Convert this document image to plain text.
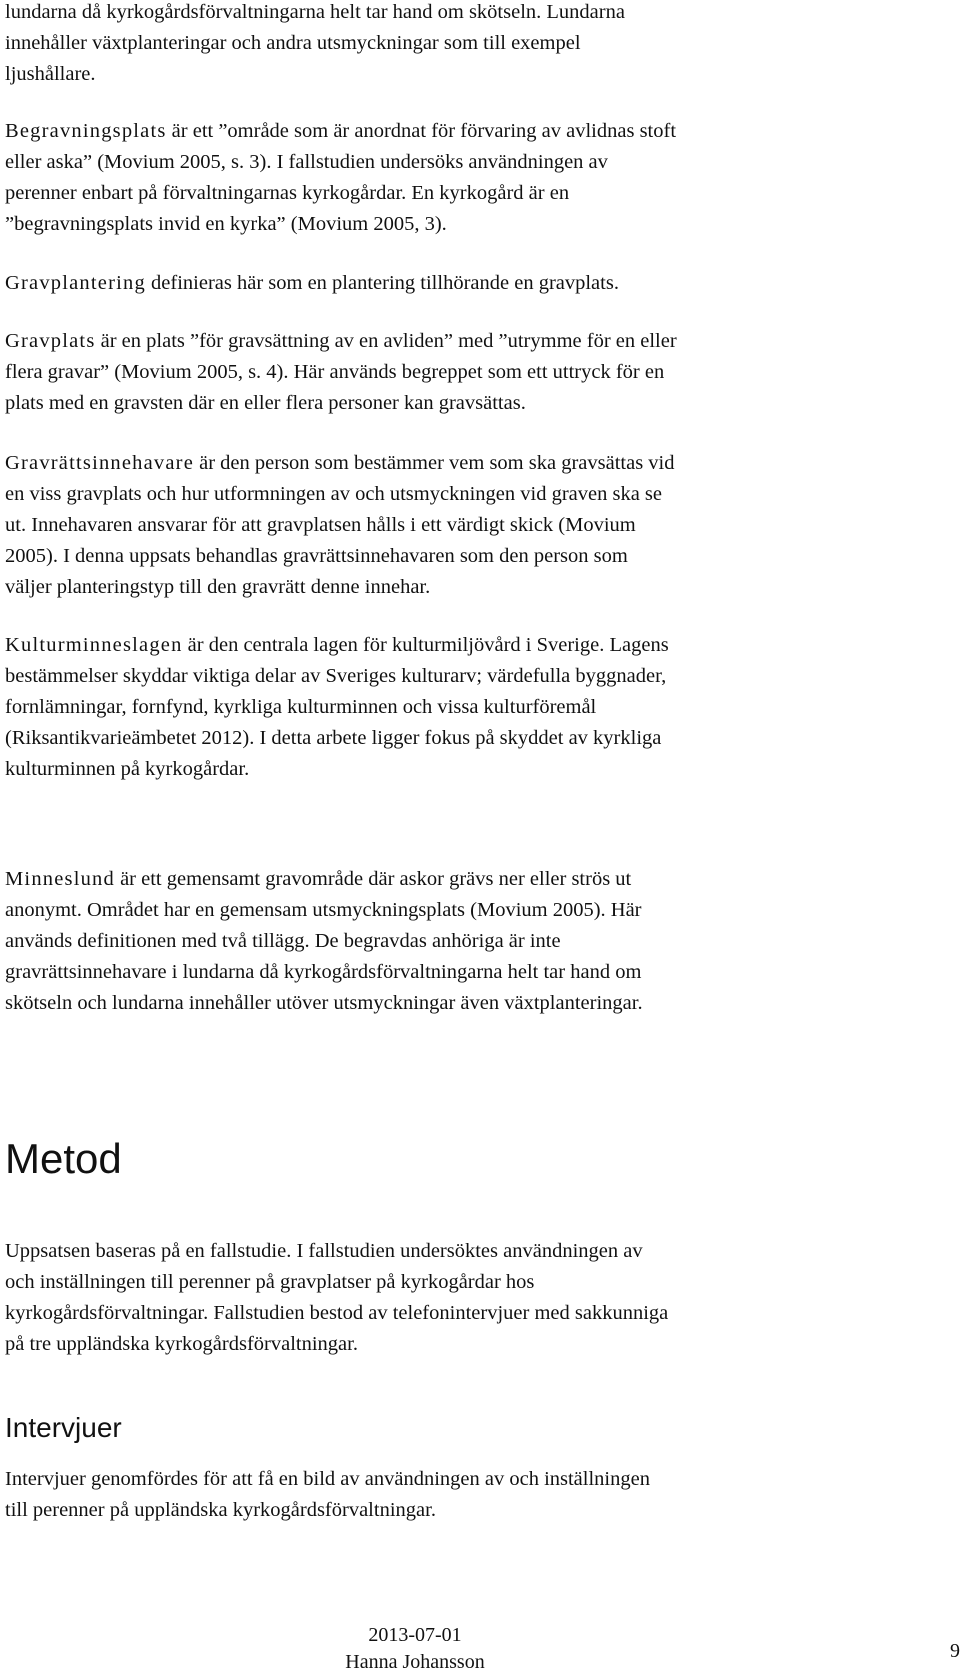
lundarna då kyrkogårdsförvaltningarna helt tar hand om skötseln. Lundarna
innehåller växtplanteringar och andra utsmyckningar som till exempel
ljushållare.

Begravningsplats är ett ”område som är anordnat för förvaring av avlidnas stoft
eller aska” (Movium 2005, s. 3). I fallstudien undersöks användningen av
perenner enbart på förvaltningarnas kyrkogårdar. En kyrkogård är en
”begravningsplats invid en kyrka” (Movium 2005, 3).

Gravplantering definieras här som en plantering tillhörande en gravplats.

Gravplats är en plats ”för gravsättning av en avliden” med ”utrymme för en eller
flera gravar” (Movium 2005, s. 4). Här används begreppet som ett uttryck för en
plats med en gravsten där en eller flera personer kan gravsättas.

Gravrättsinnehavare är den person som bestämmer vem som ska gravsättas vid
en viss gravplats och hur utformningen av och utsmyckningen vid graven ska se
ut. Innehavaren ansvarar för att gravplatsen hålls i ett värdigt skick (Movium
2005). I denna uppsats behandlas gravrättsinnehavaren som den person som
väljer planteringstyp till den gravrätt denne innehar.

Kulturminneslagen är den centrala lagen för kulturmiljövård i Sverige. Lagens
bestämmelser skyddar viktiga delar av Sveriges kulturarv; värdefulla byggnader,
fornlämningar, fornfynd, kyrkliga kulturminnen och vissa kulturföremål
(Riksantikvarieämbetet 2012). I detta arbete ligger fokus på skyddet av kyrkliga
kulturminnen på kyrkogårdar.

Minneslund är ett gemensamt gravområde där askor grävs ner eller strös ut
anonymt. Området har en gemensam utsmyckningsplats (Movium 2005). Här
används definitionen med två tillägg. De begravdas anhöriga är inte
gravrättsinnehavare i lundarna då kyrkogårdsförvaltningarna helt tar hand om
skötseln och lundarna innehåller utöver utsmyckningar även växtplanteringar.

Metod

Uppsatsen baseras på en fallstudie. I fallstudien undersöktes användningen av
och inställningen till perenner på gravplatser på kyrkogårdar hos
kyrkogårdsförvaltningar. Fallstudien bestod av telefonintervjuer med sakkunniga
på tre uppländska kyrkogårdsförvaltningar.

Intervjuer

Intervjuer genomfördes för att få en bild av användningen av och inställningen
till perenner på uppländska kyrkogårdsförvaltningar.

2013-07-01
Hanna Johansson	9
